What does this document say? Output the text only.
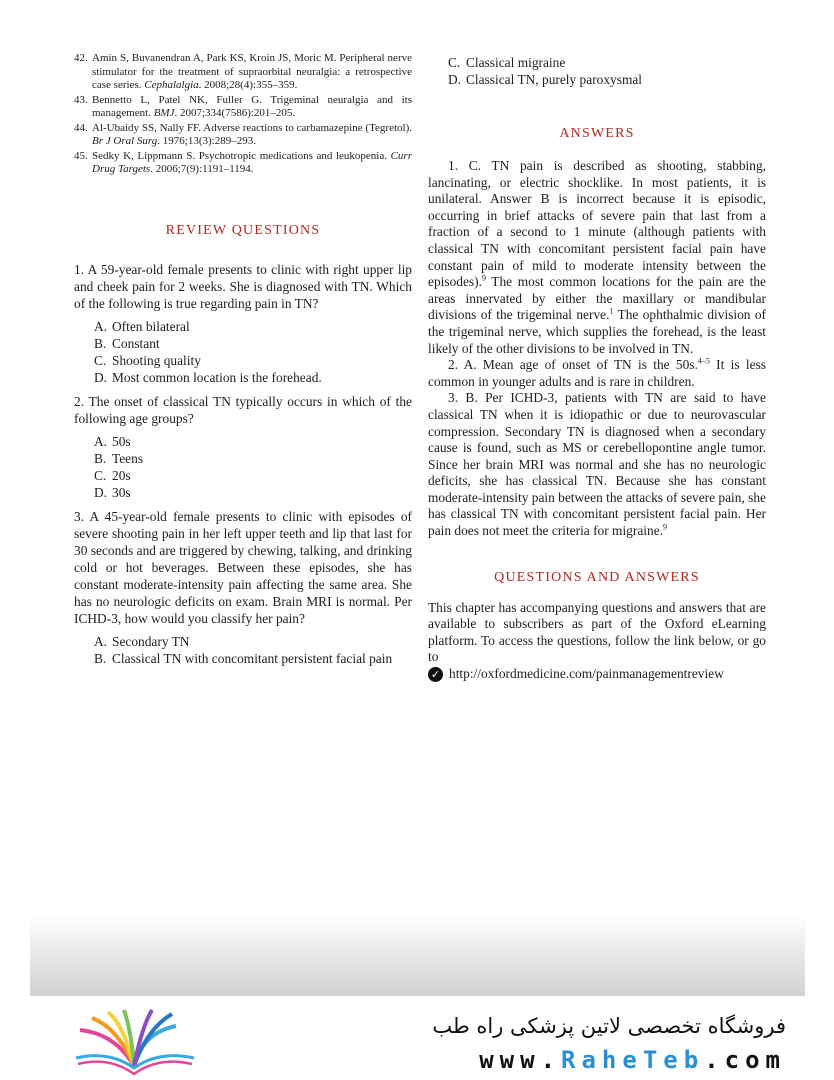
42. Amin S, Buvanendran A, Park KS, Kroin JS, Moric M. Peripheral nerve stimulator for the treatment of supraorbital neuralgia: a retrospective case series. Cephalalgia. 2008;28(4):355–359.
43. Bennetto L, Patel NK, Fuller G. Trigeminal neuralgia and its management. BMJ. 2007;334(7586):201–205.
44. Al-Ubaidy SS, Nally FF. Adverse reactions to carbamazepine (Tegretol). Br J Oral Surg. 1976;13(3):289–293.
45. Sedky K, Lippmann S. Psychotropic medications and leukopenia. Curr Drug Targets. 2006;7(9):1191–1194.
REVIEW QUESTIONS

1. A 59-year-old female presents to clinic with right upper lip and cheek pain for 2 weeks. She is diagnosed with TN. Which of the following is true regarding pain in TN?

A. Often bilateral
B. Constant
C. Shooting quality
D. Most common location is the forehead.

2. The onset of classical TN typically occurs in which of the following age groups?

A. 50s
B. Teens
C. 20s
D. 30s

3. A 45-year-old female presents to clinic with episodes of severe shooting pain in her left upper teeth and lip that last for 30 seconds and are triggered by chewing, talking, and drinking cold or hot beverages. Between these episodes, she has constant moderate-intensity pain affecting the same area. She has no neurologic deficits on exam. Brain MRI is normal. Per ICHD-3, how would you classify her pain?

A. Secondary TN
B. Classical TN with concomitant persistent facial pain
C. Classical migraine
D. Classical TN, purely paroxysmal
ANSWERS

1. C. TN pain is described as shooting, stabbing, lancinating, or electric shocklike. In most patients, it is unilateral. Answer B is incorrect because it is episodic, occurring in brief attacks of severe pain that last from a fraction of a second to 1 minute (although patients with classical TN with concomitant persistent facial pain have constant pain of mild to moderate intensity between the episodes).$^9$ The most common locations for the pain are the areas innervated by either the maxillary or mandibular divisions of the trigeminal nerve.$^1$ The ophthalmic division of the trigeminal nerve, which supplies the forehead, is the least likely of the other divisions to be involved in TN.

2. A. Mean age of onset of TN is the 50s.$^{4-5}$ It is less common in younger adults and is rare in children.

3. B. Per ICHD-3, patients with TN are said to have classical TN when it is idiopathic or due to neurovascular compression. Secondary TN is diagnosed when a secondary cause is found, such as MS or cerebellopontine angle tumor. Since her brain MRI was normal and she has no neurologic deficits, she has classical TN. Because she has constant moderate-intensity pain between the attacks of severe pain, she has classical TN with concomitant persistent facial pain. Her pain does not meet the criteria for migraine.$^9$

QUESTIONS AND ANSWERS

This chapter has accompanying questions and answers that are available to subscribers as part of the Oxford eLearning platform. To access the questions, follow the link below, or go to

✓ http://oxfordmedicine.com/painmanagementreview
فروشگاه تخصصی لاتین پزشکی راه طب
www.RaheTeb.com
